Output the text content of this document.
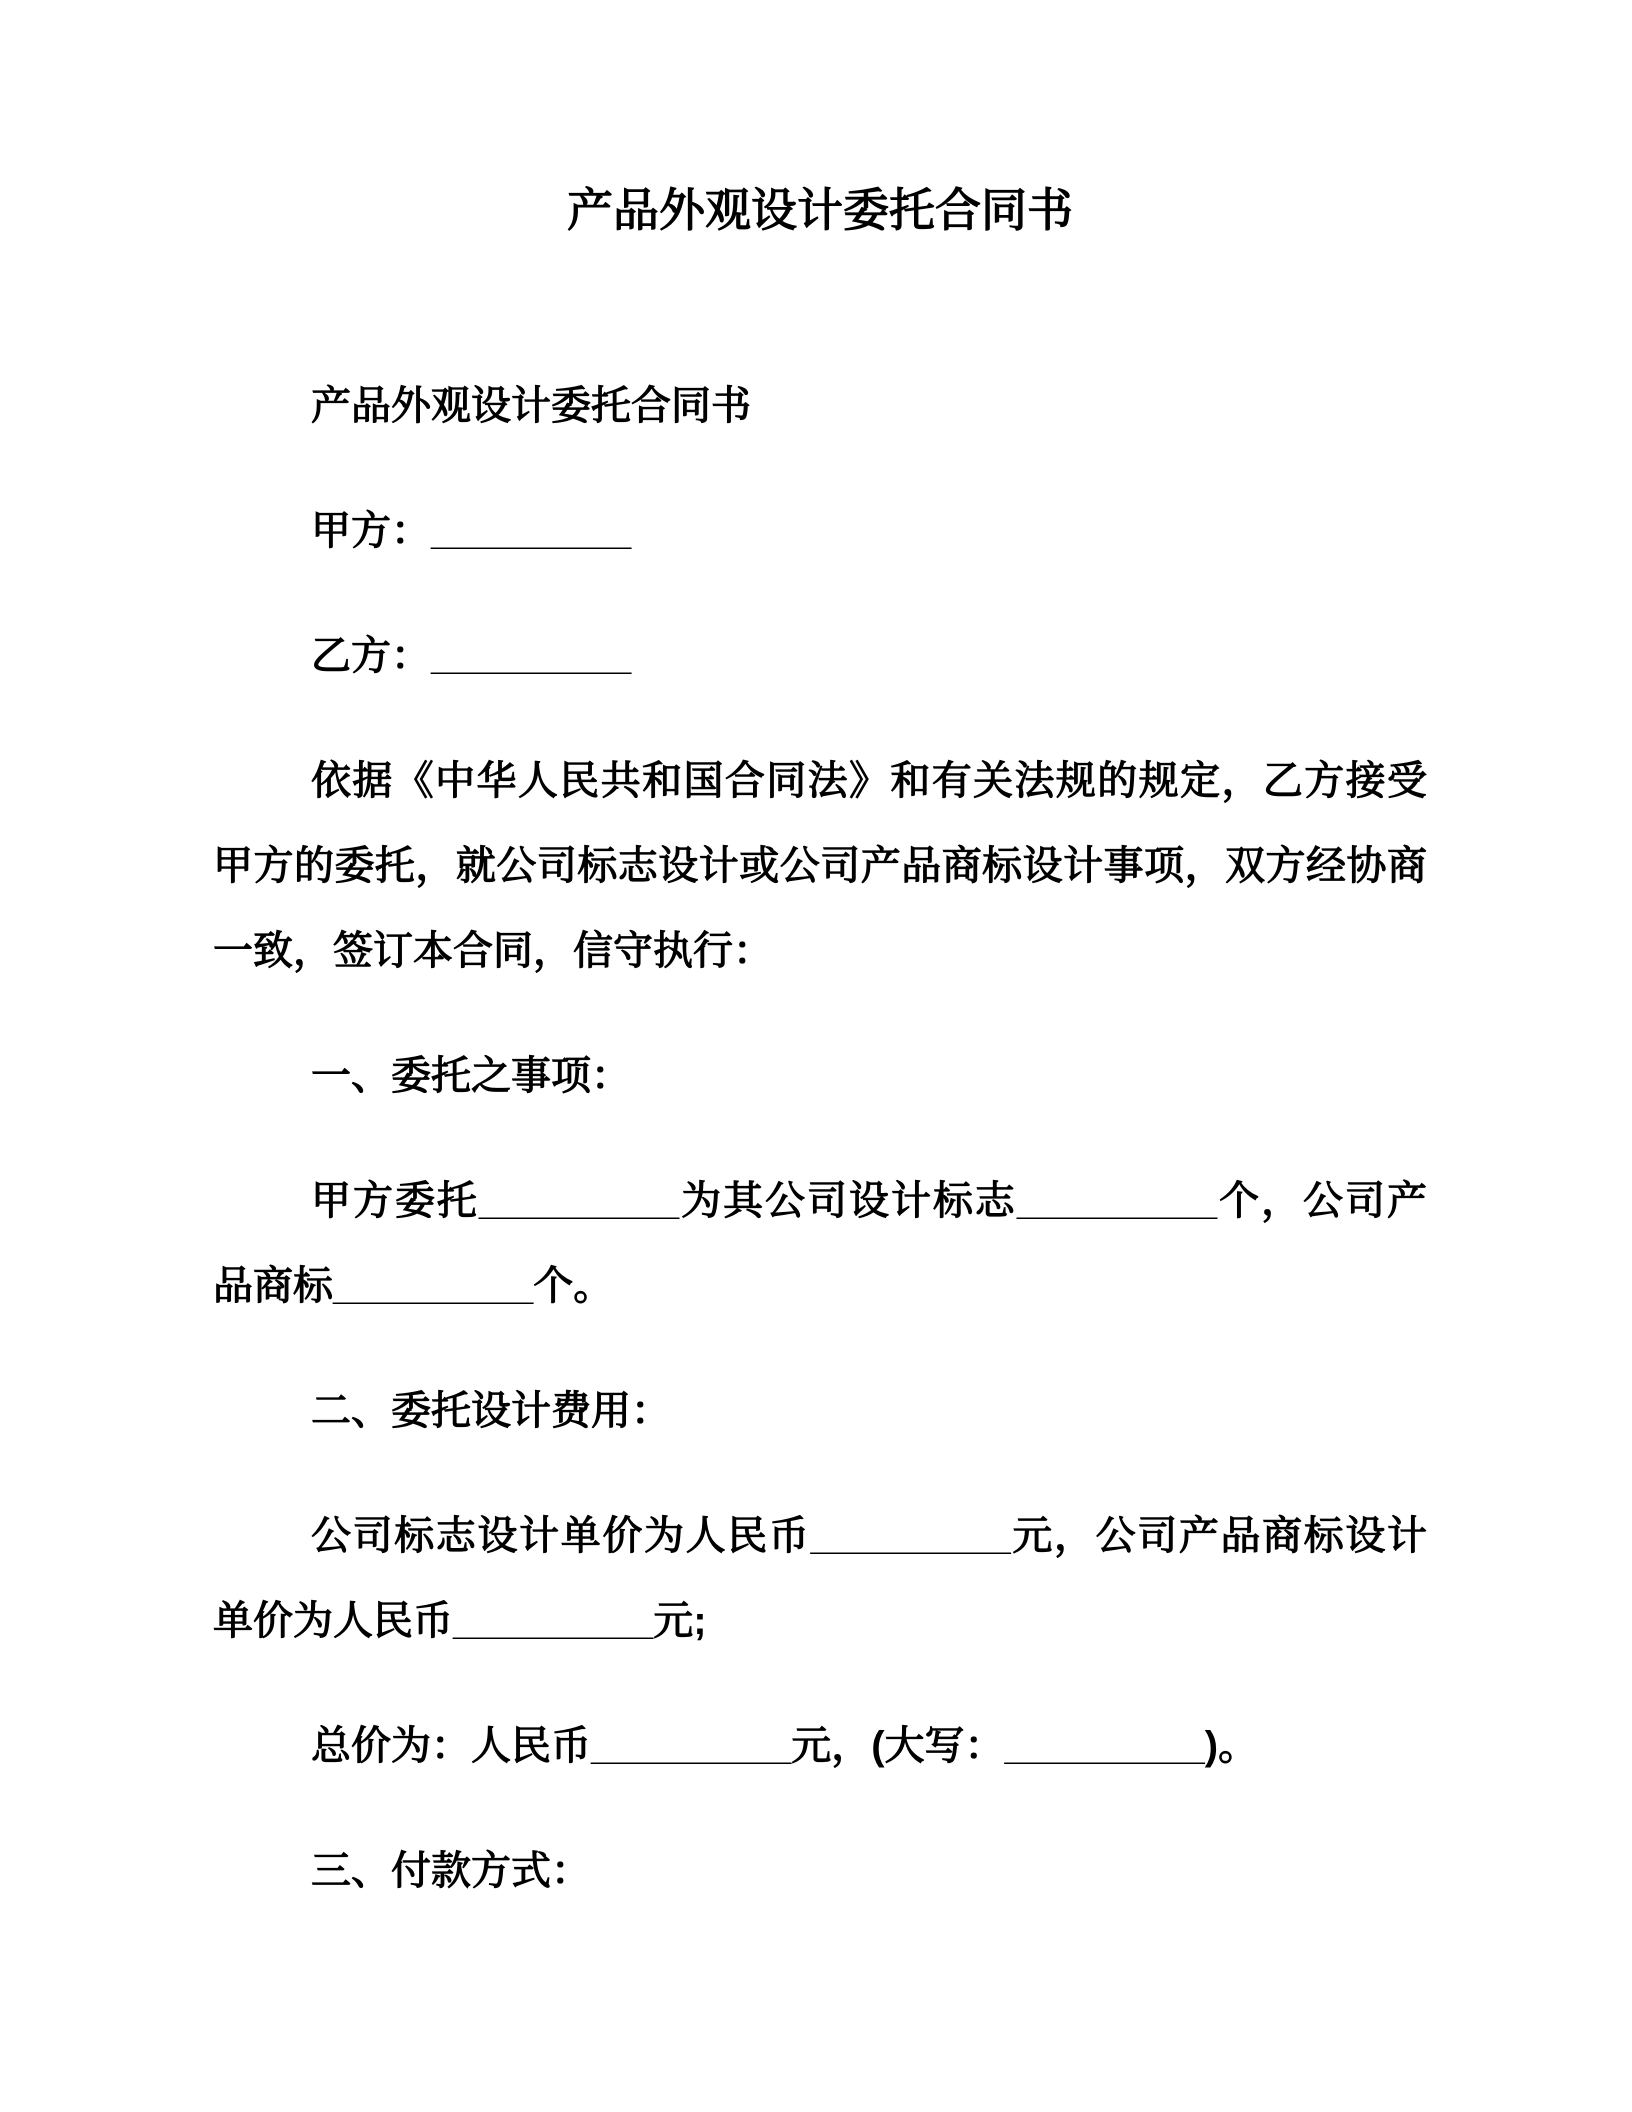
产品外观设计委托合同书

产品外观设计委托合同书

甲方：_________

乙方：_________

依据《中华人民共和国合同法》和有关法规的规定，乙方接受甲方的委托，就公司标志设计或公司产品商标设计事项，双方经协商一致，签订本合同，信守执行：

一、委托之事项：

甲方委托_________为其公司设计标志_________个，公司产品商标_________个。

二、委托设计费用：

公司标志设计单价为人民币_________元，公司产品商标设计单价为人民币_________元;

总价为：人民币_________元，(大写：_________)。

三、付款方式：
